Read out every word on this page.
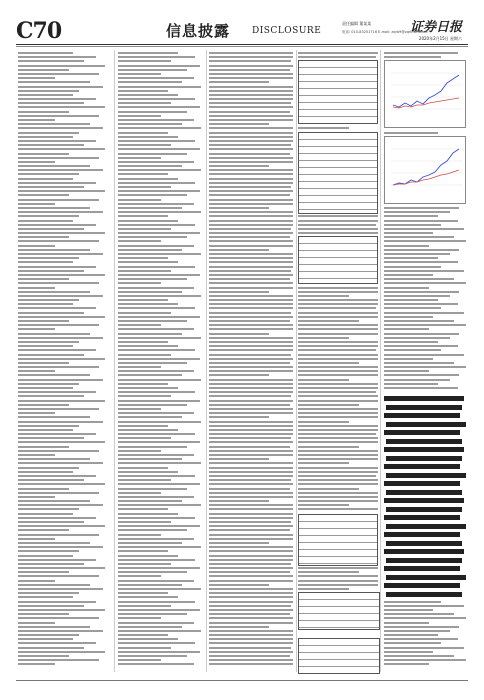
C70	信息披露 DISCLOSURE
责任编辑 董某某
电话: 010-83251716 E-mail: zqrb9@zqrb.sina.net
证券日报
2020年2月15日 星期六
